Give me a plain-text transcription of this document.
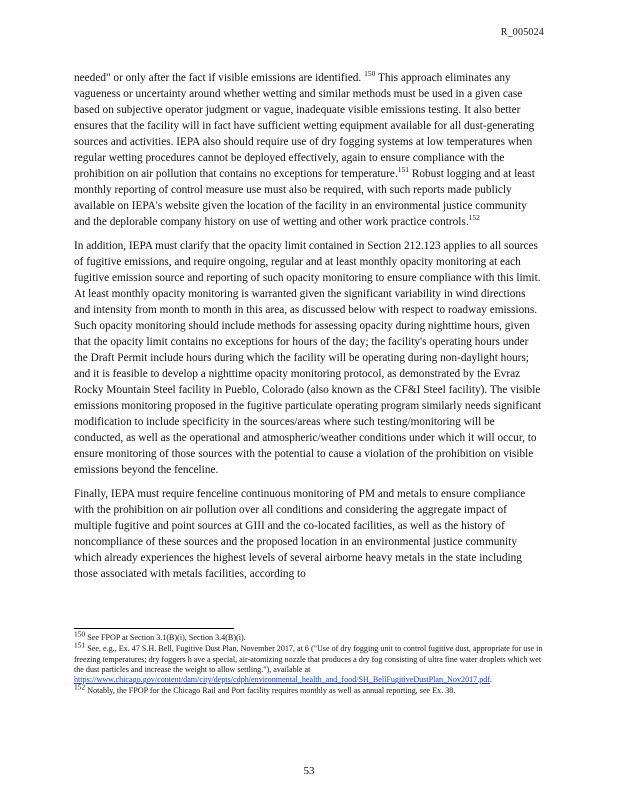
R_005024

needed" or only after the fact if visible emissions are identified. $^{150}$ This approach eliminates any vagueness or uncertainty around whether wetting and similar methods must be used in a given case based on subjective operator judgment or vague, inadequate visible emissions testing. It also better ensures that the facility will in fact have sufficient wetting equipment available for all dust-generating sources and activities. IEPA also should require use of dry fogging systems at low temperatures when regular wetting procedures cannot be deployed effectively, again to ensure compliance with the prohibition on air pollution that contains no exceptions for temperature.$^{151}$ Robust logging and at least monthly reporting of control measure use must also be required, with such reports made publicly available on IEPA's website given the location of the facility in an environmental justice community and the deplorable company history on use of wetting and other work practice controls.$^{152}$

In addition, IEPA must clarify that the opacity limit contained in Section 212.123 applies to all sources of fugitive emissions, and require ongoing, regular and at least monthly opacity monitoring at each fugitive emission source and reporting of such opacity monitoring to ensure compliance with this limit. At least monthly opacity monitoring is warranted given the significant variability in wind directions and intensity from month to month in this area, as discussed below with respect to roadway emissions. Such opacity monitoring should include methods for assessing opacity during nighttime hours, given that the opacity limit contains no exceptions for hours of the day; the facility's operating hours under the Draft Permit include hours during which the facility will be operating during non-daylight hours; and it is feasible to develop a nighttime opacity monitoring protocol, as demonstrated by the Evraz Rocky Mountain Steel facility in Pueblo, Colorado (also known as the CF&I Steel facility). The visible emissions monitoring proposed in the fugitive particulate operating program similarly needs significant modification to include specificity in the sources/areas where such testing/monitoring will be conducted, as well as the operational and atmospheric/weather conditions under which it will occur, to ensure monitoring of those sources with the potential to cause a violation of the prohibition on visible emissions beyond the fenceline.

Finally, IEPA must require fenceline continuous monitoring of PM and metals to ensure compliance with the prohibition on air pollution over all conditions and considering the aggregate impact of multiple fugitive and point sources at GIII and the co-located facilities, as well as the history of noncompliance of these sources and the proposed location in an environmental justice community which already experiences the highest levels of several airborne heavy metals in the state including those associated with metals facilities, according to

$^{150}$ See FPOP at Section 3.1(B)(i), Section 3.4(B)(i).
$^{151}$ See, e.g., Ex. 47 S.H. Bell, Fugitive Dust Plan, November 2017, at 6 ("Use of dry fogging unit to control fugitive dust, appropriate for use in freezing temperatures; dry foggers h ave a special, air-atomizing nozzle that produces a dry fog consisting of ultra fine water droplets which wet the dust particles and increase the weight to allow settling."), available at
https://www.chicago.gov/content/dam/city/depts/cdph/environmental_health_and_food/SH_BellFugitiveDustPlan_Nov2017.pdf.
$^{152}$ Notably, the FPOP for the Chicago Rail and Port facility requires monthly as well as annual reporting, see Ex. 38.
53
